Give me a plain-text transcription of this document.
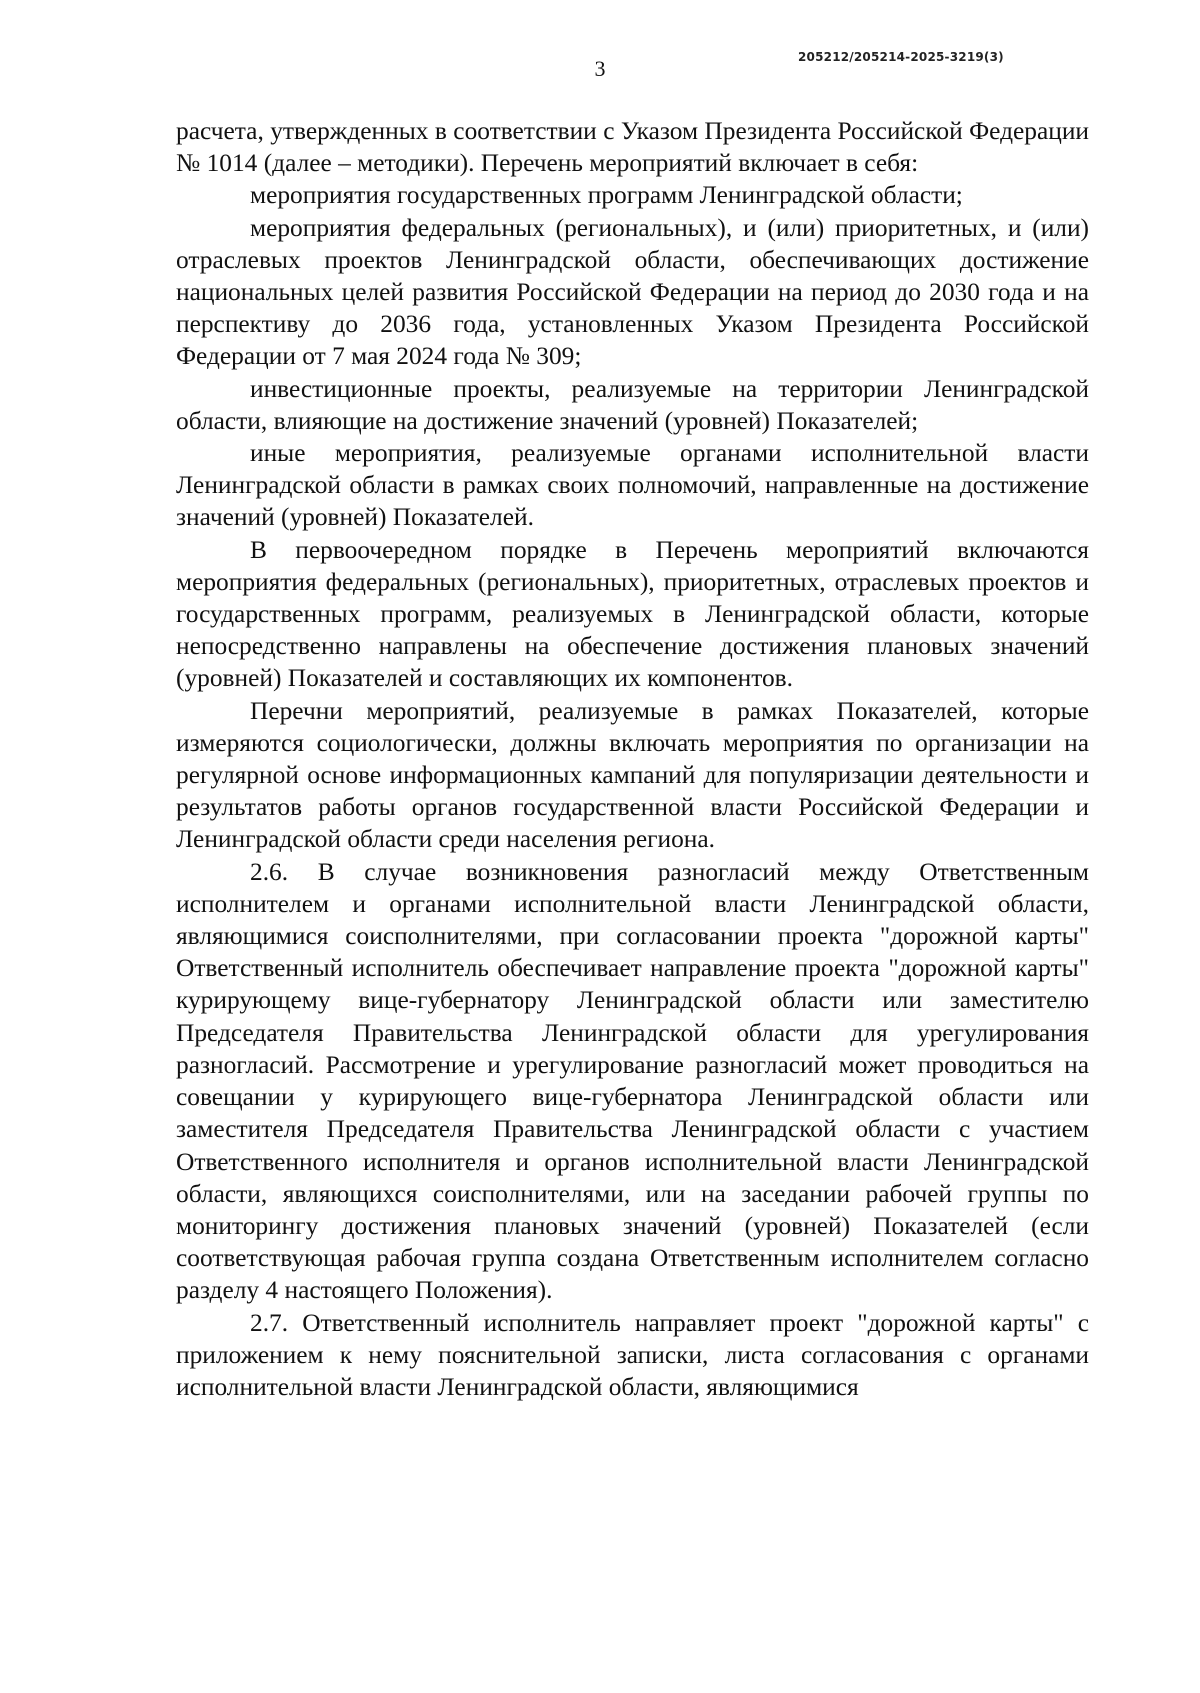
3	205212/205214-2025-3219(3)

расчета, утвержденных в соответствии с Указом Президента Российской Федерации № 1014 (далее – методики). Перечень мероприятий включает в себя:

мероприятия государственных программ Ленинградской области;

мероприятия федеральных (региональных), и (или) приоритетных, и (или) отраслевых проектов Ленинградской области, обеспечивающих достижение национальных целей развития Российской Федерации на период до 2030 года и на перспективу до 2036 года, установленных Указом Президента Российской Федерации от 7 мая 2024 года № 309;

инвестиционные проекты, реализуемые на территории Ленинградской области, влияющие на достижение значений (уровней) Показателей;

иные мероприятия, реализуемые органами исполнительной власти Ленинградской области в рамках своих полномочий, направленные на достижение значений (уровней) Показателей.

В первоочередном порядке в Перечень мероприятий включаются мероприятия федеральных (региональных), приоритетных, отраслевых проектов и государственных программ, реализуемых в Ленинградской области, которые непосредственно направлены на обеспечение достижения плановых значений (уровней) Показателей и составляющих их компонентов.

Перечни мероприятий, реализуемые в рамках Показателей, которые измеряются социологически, должны включать мероприятия по организации на регулярной основе информационных кампаний для популяризации деятельности и результатов работы органов государственной власти Российской Федерации и Ленинградской области среди населения региона.

2.6. В случае возникновения разногласий между Ответственным исполнителем и органами исполнительной власти Ленинградской области, являющимися соисполнителями, при согласовании проекта "дорожной карты" Ответственный исполнитель обеспечивает направление проекта "дорожной карты" курирующему вице-губернатору Ленинградской области или заместителю Председателя Правительства Ленинградской области для урегулирования разногласий. Рассмотрение и урегулирование разногласий может проводиться на совещании у курирующего вице-губернатора Ленинградской области или заместителя Председателя Правительства Ленинградской области с участием Ответственного исполнителя и органов исполнительной власти Ленинградской области, являющихся соисполнителями, или на заседании рабочей группы по мониторингу достижения плановых значений (уровней) Показателей (если соответствующая рабочая группа создана Ответственным исполнителем согласно разделу 4 настоящего Положения).

2.7. Ответственный исполнитель направляет проект "дорожной карты" с приложением к нему пояснительной записки, листа согласования с органами исполнительной власти Ленинградской области, являющимися
